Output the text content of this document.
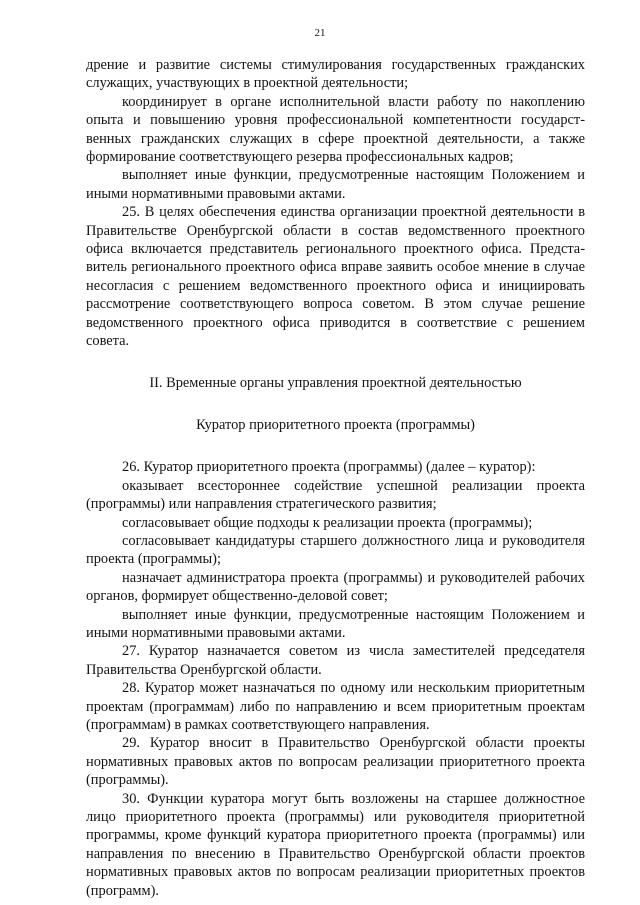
21

дрение и развитие системы стимулирования государственных гражданских служащих, участвующих в проектной деятельности;

координирует в органе исполнительной власти работу по накоплению опыта и повышению уровня профессиональной компетентности государственных гражданских служащих в сфере проектной деятельности, а также формирование соответствующего резерва профессиональных кадров;

выполняет иные функции, предусмотренные настоящим Положением и иными нормативными правовыми актами.

25. В целях обеспечения единства организации проектной деятельности в Правительстве Оренбургской области в состав ведомственного проектного офиса включается представитель регионального проектного офиса. Представитель регионального проектного офиса вправе заявить особое мнение в случае несогласия с решением ведомственного проектного офиса и инициировать рассмотрение соответствующего вопроса советом. В этом случае решение ведомственного проектного офиса приводится в соответствие с решением совета.

II. Временные органы управления проектной деятельностью

Куратор приоритетного проекта (программы)

26. Куратор приоритетного проекта (программы) (далее – куратор):

оказывает всестороннее содействие успешной реализации проекта (программы) или направления стратегического развития;

согласовывает общие подходы к реализации проекта (программы);

согласовывает кандидатуры старшего должностного лица и руководителя проекта (программы);

назначает администратора проекта (программы) и руководителей рабочих органов, формирует общественно-деловой совет;

выполняет иные функции, предусмотренные настоящим Положением и иными нормативными правовыми актами.

27. Куратор назначается советом из числа заместителей председателя Правительства Оренбургской области.

28. Куратор может назначаться по одному или нескольким приоритетным проектам (программам) либо по направлению и всем приоритетным проектам (программам) в рамках соответствующего направления.

29. Куратор вносит в Правительство Оренбургской области проекты нормативных правовых актов по вопросам реализации приоритетного проекта (программы).

30. Функции куратора могут быть возложены на старшее должностное лицо приоритетного проекта (программы) или руководителя приоритетной программы, кроме функций куратора приоритетного проекта (программы) или направления по внесению в Правительство Оренбургской области проектов нормативных правовых актов по вопросам реализации приоритетных проектов (программ).
